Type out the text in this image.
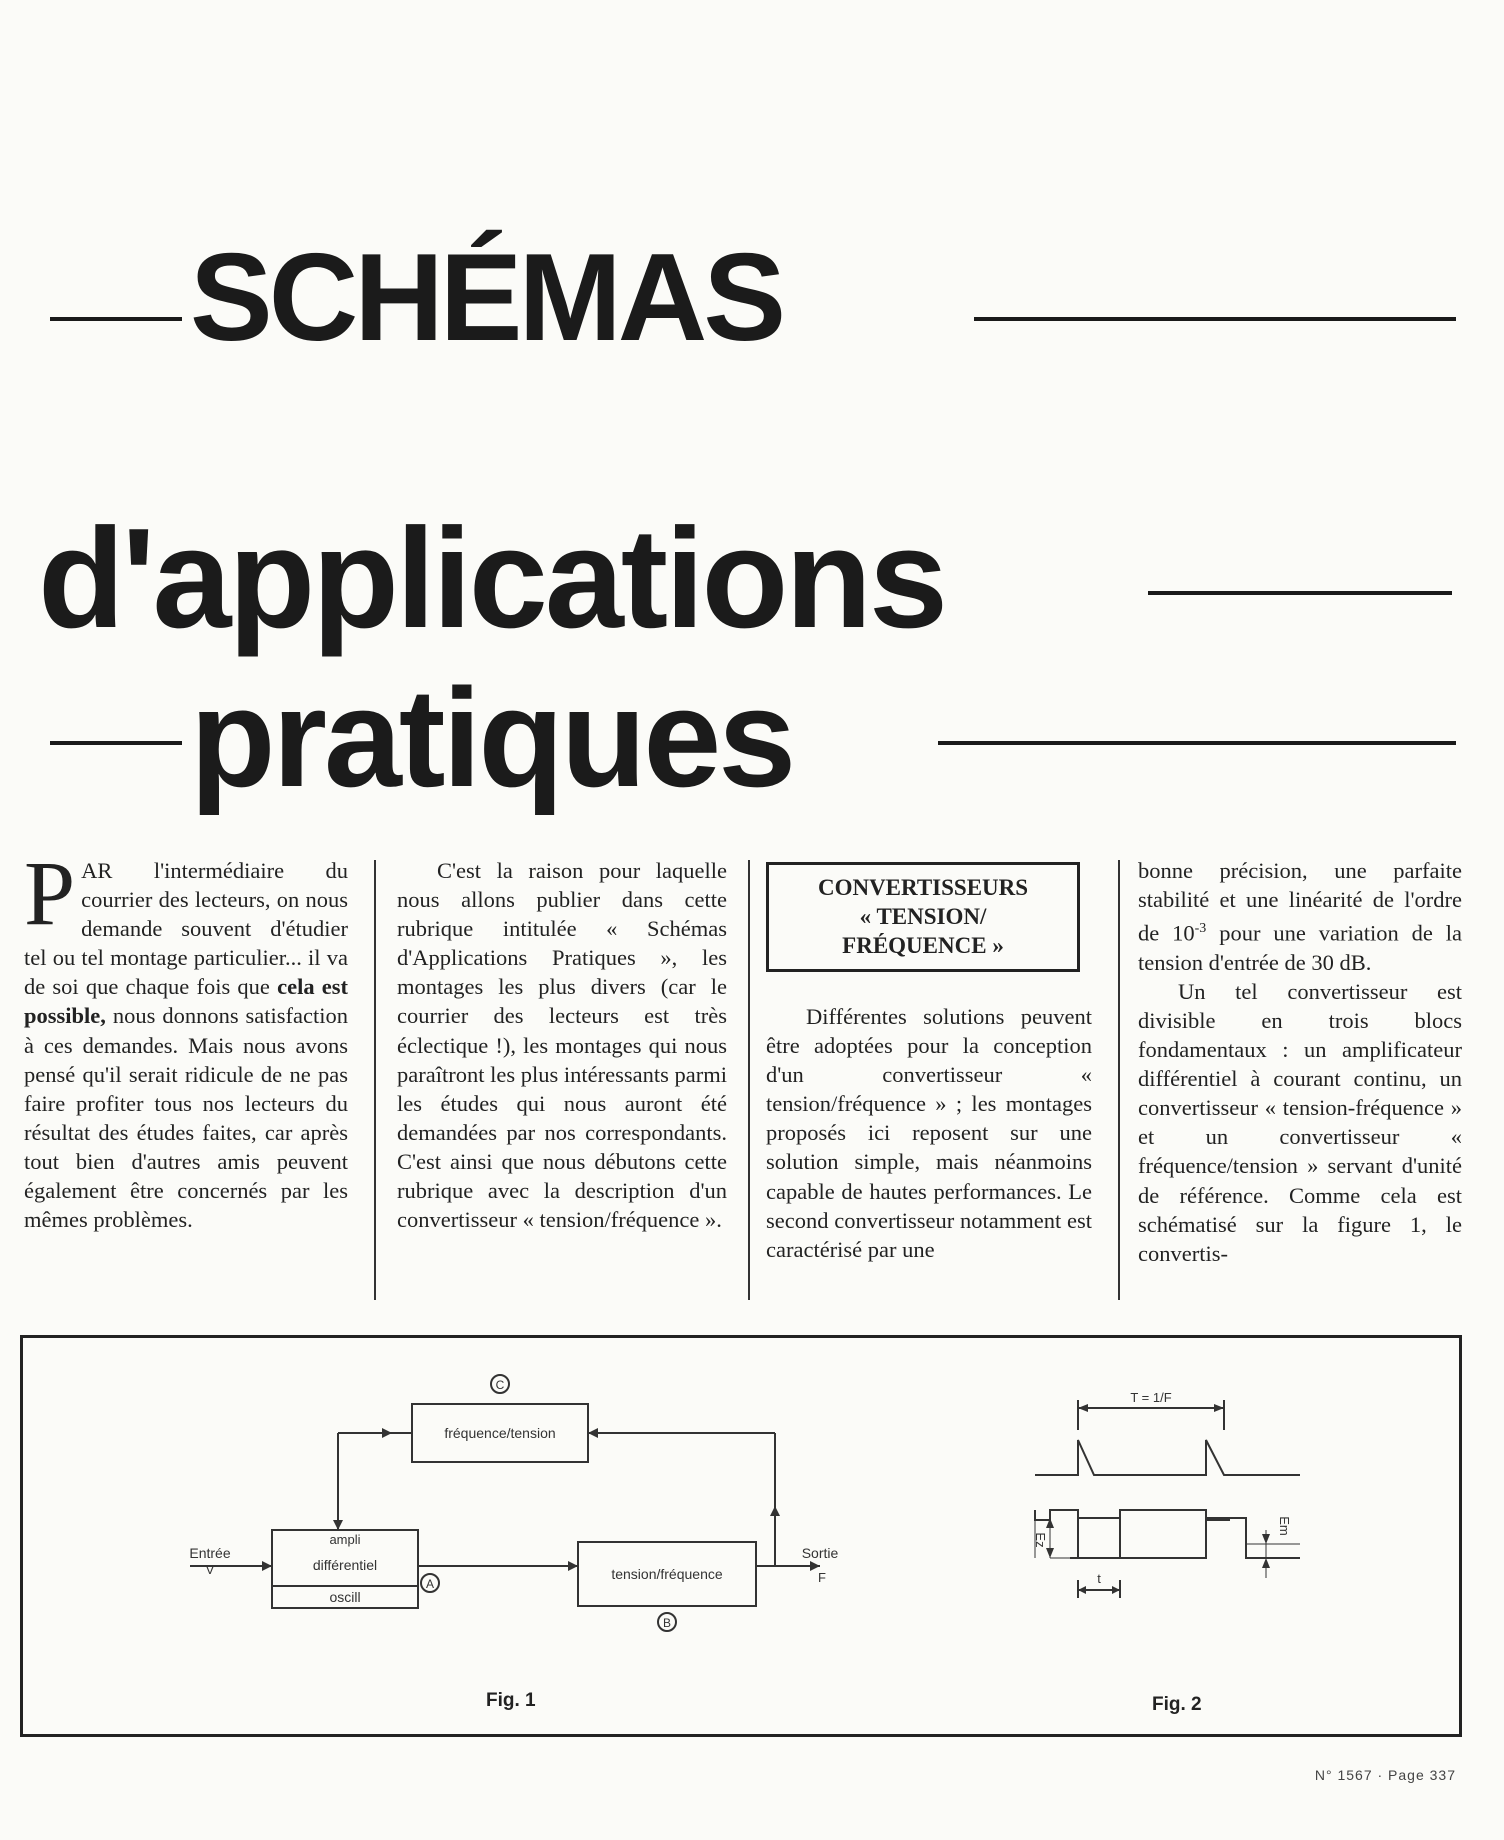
SCHÉMAS
d'applications
pratiques

PAR l'intermédiaire du courrier des lecteurs, on nous demande souvent d'étudier tel ou tel montage particulier... il va de soi que chaque fois que cela est possible, nous donnons satisfaction à ces demandes. Mais nous avons pensé qu'il serait ridicule de ne pas faire profiter tous nos lecteurs du résultat des études faites, car après tout bien d'autres amis peuvent également être concernés par les mêmes problèmes.

C'est la raison pour laquelle nous allons publier dans cette rubrique intitulée « Schémas d'Applications Pratiques », les montages les plus divers (car le courrier des lecteurs est très éclectique !), les montages qui nous paraîtront les plus intéressants parmi les études qui nous auront été demandées par nos correspondants. C'est ainsi que nous débutons cette rubrique avec la description d'un convertisseur « tension/fréquence ».

CONVERTISSEURS
« TENSION/
FRÉQUENCE »

Différentes solutions peuvent être adoptées pour la conception d'un convertisseur « tension/fréquence » ; les montages proposés ici reposent sur une solution simple, mais néanmoins capable de hautes performances. Le second convertisseur notamment est caractérisé par une

bonne précision, une parfaite stabilité et une linéarité de l'ordre de $10^{-3}$ pour une variation de la tension d'entrée de 30 dB.

Un tel convertisseur est divisible en trois blocs fondamentaux : un amplificateur différentiel à courant continu, un convertisseur « tension-fréquence » et un convertisseur « fréquence/tension » servant d'unité de référence. Comme cela est schématisé sur la figure 1, le convertis-

fréquence/tension
ampli
différentiel
oscill
tension/fréquence
Entrée
V
Sortie
F
A
B
C
T = 1/F
Ez
Em
t
Fig. 1	Fig. 2
N° 1567 · Page 337
